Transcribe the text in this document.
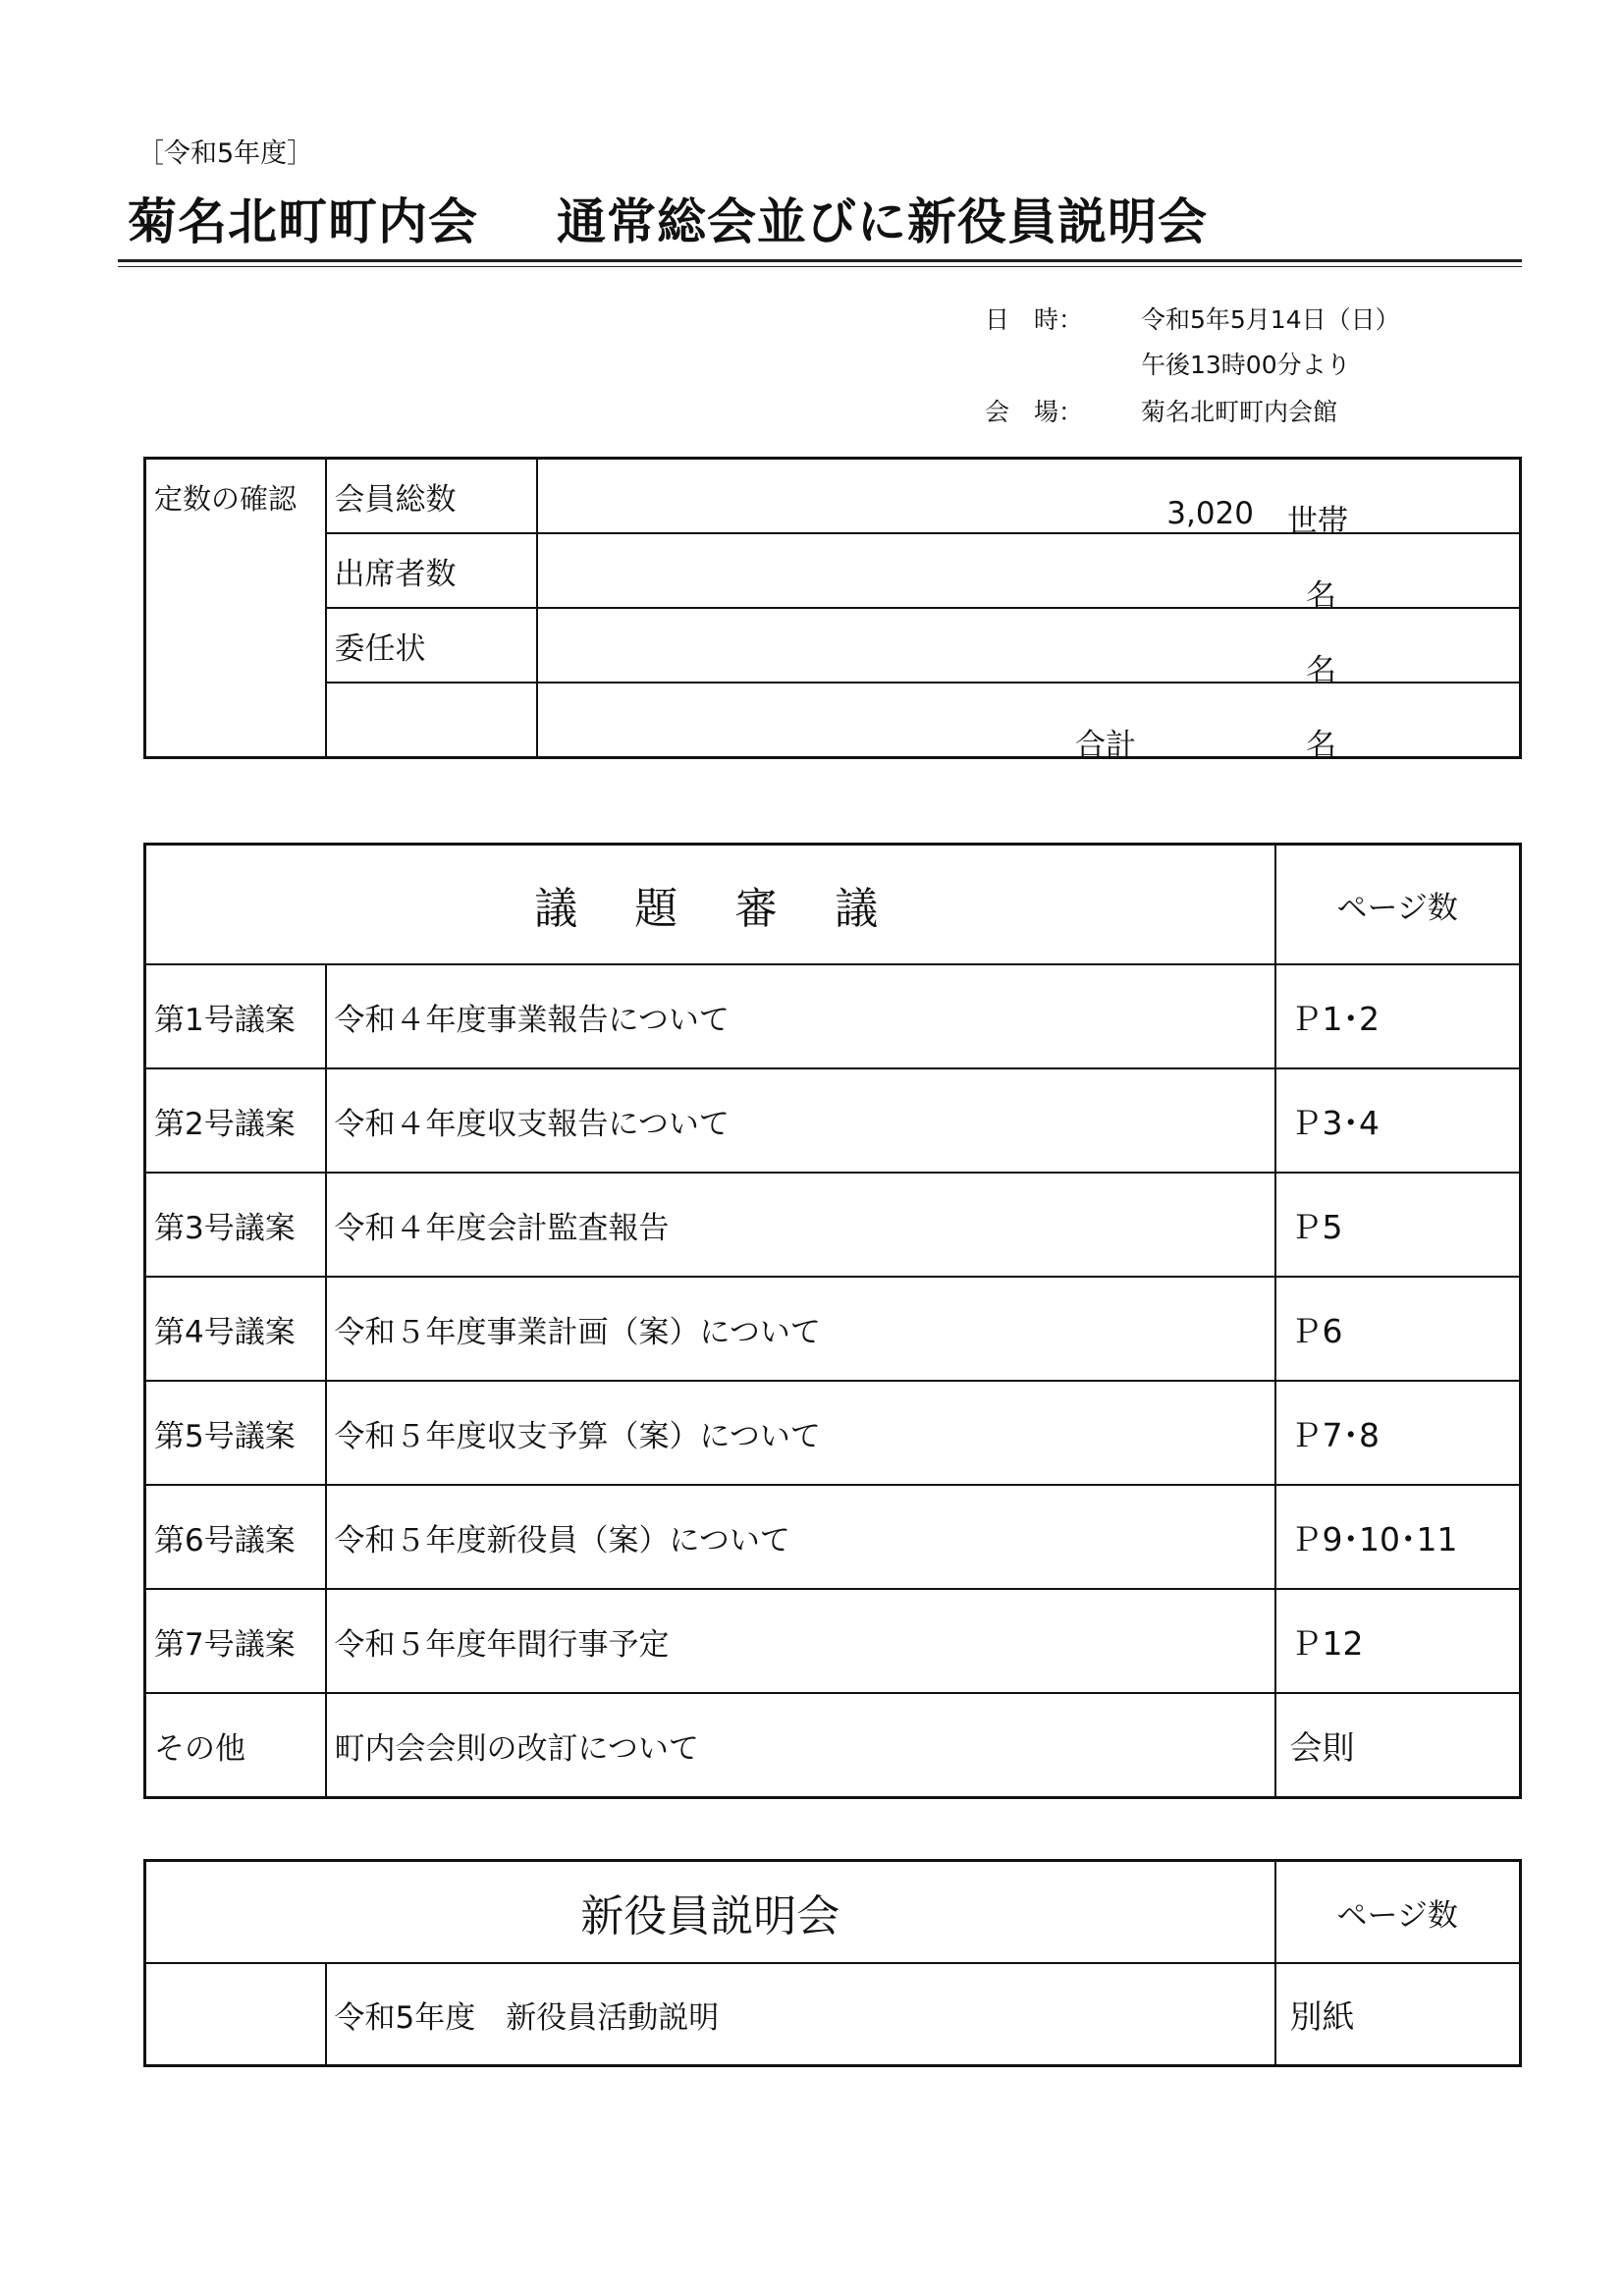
［令和5年度］
菊名北町町内会 通常総会並びに新役員説明会
日　時： 令和5年5月14日（日）
午後13時00分より
会　場： 菊名北町町内会館
定数の確認	会員総数	3,020 世帯

	出席者数	名

	委任状	名

		合計 名
議題審議		ページ数
第1号議案	令和４年度事業報告について	Ｐ1･2
第2号議案	令和４年度収支報告について	Ｐ3･4
第3号議案	令和４年度会計監査報告	Ｐ5
第4号議案	令和５年度事業計画（案）について	Ｐ6
第5号議案	令和５年度収支予算（案）について	Ｐ7･8
第6号議案	令和５年度新役員（案）について	Ｐ9･10･11
第7号議案	令和５年度年間行事予定	Ｐ12
その他	町内会会則の改訂について	会則
新役員説明会		ページ数
	令和5年度　新役員活動説明	別紙
